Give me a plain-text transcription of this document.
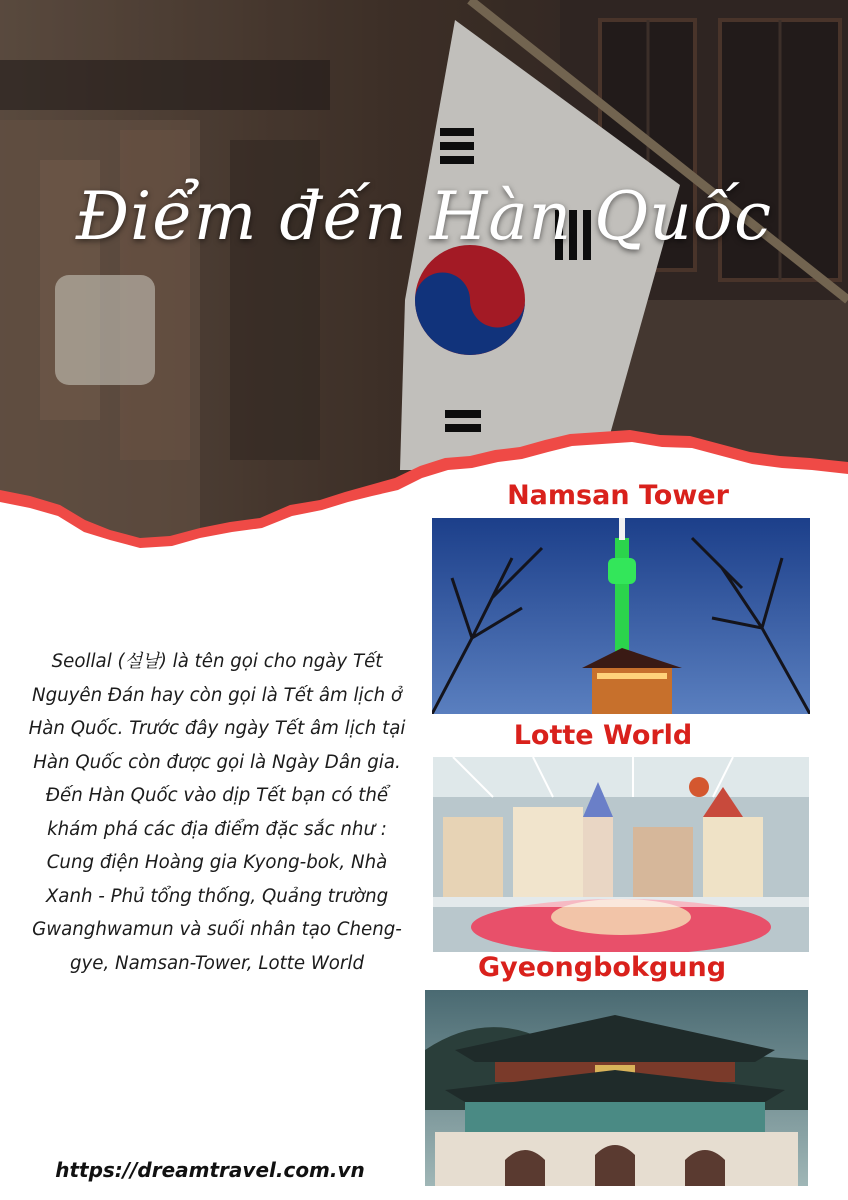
Điểm đến Hàn Quốc
Namsan Tower
Lotte World
Gyeongbokgung
Seollal (설날) là tên gọi cho ngày Tết Nguyên Đán hay còn gọi là Tết âm lịch ở Hàn Quốc. Trước đây ngày Tết âm lịch tại Hàn Quốc còn được gọi là Ngày Dân gia. Đến Hàn Quốc vào dịp Tết bạn có thể khám phá các địa điểm đặc sắc như : Cung điện Hoàng gia Kyong-bok, Nhà Xanh - Phủ tổng thống, Quảng trường Gwanghwamun và suối nhân tạo Cheng-gye, Namsan-Tower, Lotte World
https://dreamtravel.com.vn
